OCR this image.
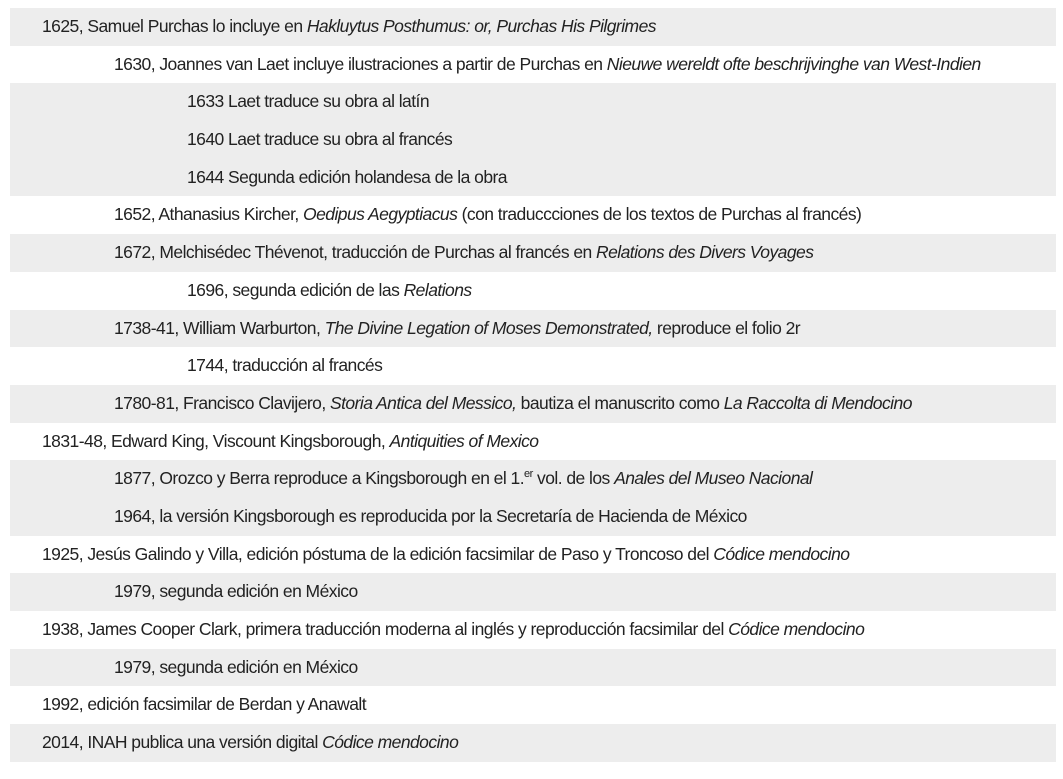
1625, Samuel Purchas lo incluye en Hakluytus Posthumus: or, Purchas His Pilgrimes
1630, Joannes van Laet incluye ilustraciones a partir de Purchas en Nieuwe wereldt ofte beschrijvinghe van West-Indien
1633 Laet traduce su obra al latín
1640 Laet traduce su obra al francés
1644 Segunda edición holandesa de la obra
1652, Athanasius Kircher, Oedipus Aegyptiacus (con traduccciones de los textos de Purchas al francés)
1672, Melchisédec Thévenot, traducción de Purchas al francés en Relations des Divers Voyages
1696, segunda edición de las Relations
1738-41, William Warburton, The Divine Legation of Moses Demonstrated, reproduce el folio 2r
1744, traducción al francés
1780-81, Francisco Clavijero, Storia Antica del Messico, bautiza el manuscrito como La Raccolta di Mendocino
1831-48, Edward King, Viscount Kingsborough, Antiquities of Mexico
1877, Orozco y Berra reproduce a Kingsborough en el 1.$^{er}$ vol. de los Anales del Museo Nacional
1964, la versión Kingsborough es reproducida por la Secretaría de Hacienda de México
1925, Jesús Galindo y Villa, edición póstuma de la edición facsimilar de Paso y Troncoso del Códice mendocino
1979, segunda edición en México
1938, James Cooper Clark, primera traducción moderna al inglés y reproducción facsimilar del Códice mendocino
1979, segunda edición en México
1992, edición facsimilar de Berdan y Anawalt
2014, INAH publica una versión digital Códice mendocino
